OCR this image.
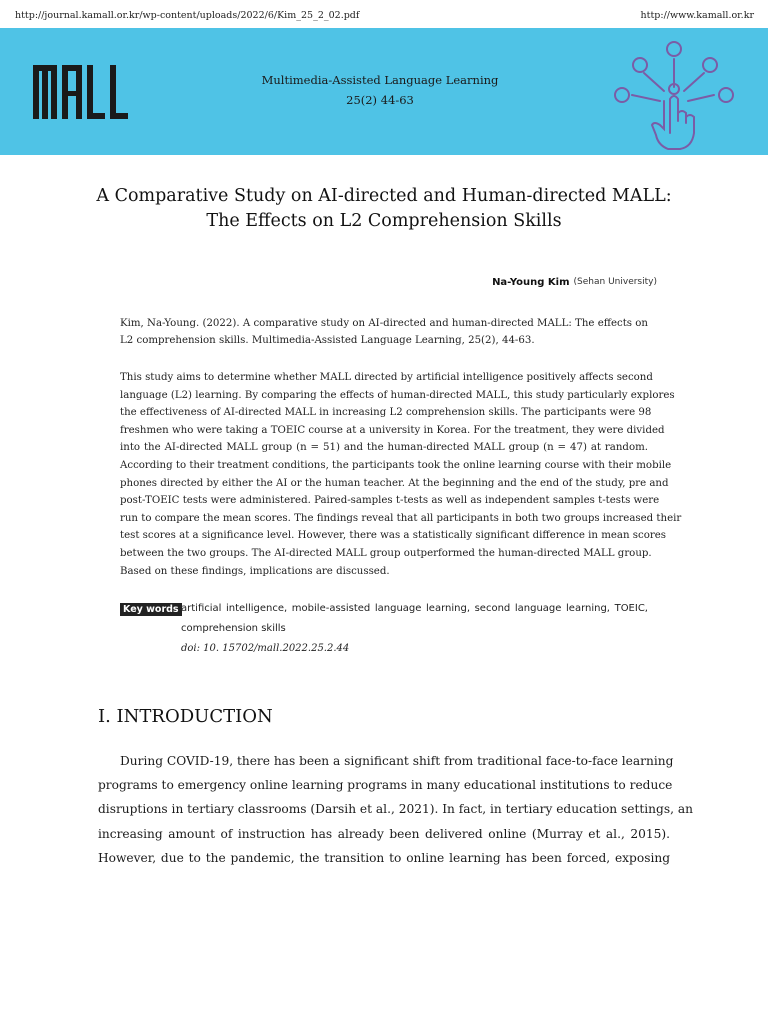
http://journal.kamall.or.kr/wp-content/uploads/2022/6/Kim_25_2_02.pdf	http://www.kamall.or.kr
Multimedia-Assisted Language Learning
25(2) 44-63
A Comparative Study on AI-directed and Human-directed MALL:
The Effects on L2 Comprehension Skills
Na-Young Kim (Sehan University)
Kim, Na-Young. (2022). A comparative study on AI-directed and human-directed MALL: The effects on
L2 comprehension skills. Multimedia-Assisted Language Learning, 25(2), 44-63.
This study aims to determine whether MALL directed by artificial intelligence positively affects second
language (L2) learning. By comparing the effects of human-directed MALL, this study particularly explores
the effectiveness of AI-directed MALL in increasing L2 comprehension skills. The participants were 98
freshmen who were taking a TOEIC course at a university in Korea. For the treatment, they were divided
into the AI-directed MALL group (n = 51) and the human-directed MALL group (n = 47) at random.
According to their treatment conditions, the participants took the online learning course with their mobile
phones directed by either the AI or the human teacher. At the beginning and the end of the study, pre and
post-TOEIC tests were administered. Paired-samples t-tests as well as independent samples t-tests were
run to compare the mean scores. The findings reveal that all participants in both two groups increased their
test scores at a significance level. However, there was a statistically significant difference in mean scores
between the two groups. The AI-directed MALL group outperformed the human-directed MALL group.
Based on these findings, implications are discussed.
Key words artificial intelligence, mobile-assisted language learning, second language learning, TOEIC,
comprehension skills
doi: 10. 15702/mall.2022.25.2.44
I. INTRODUCTION
During COVID-19, there has been a significant shift from traditional face-to-face learning
programs to emergency online learning programs in many educational institutions to reduce
disruptions in tertiary classrooms (Darsih et al., 2021). In fact, in tertiary education settings, an
increasing amount of instruction has already been delivered online (Murray et al., 2015).
However, due to the pandemic, the transition to online learning has been forced, exposing
